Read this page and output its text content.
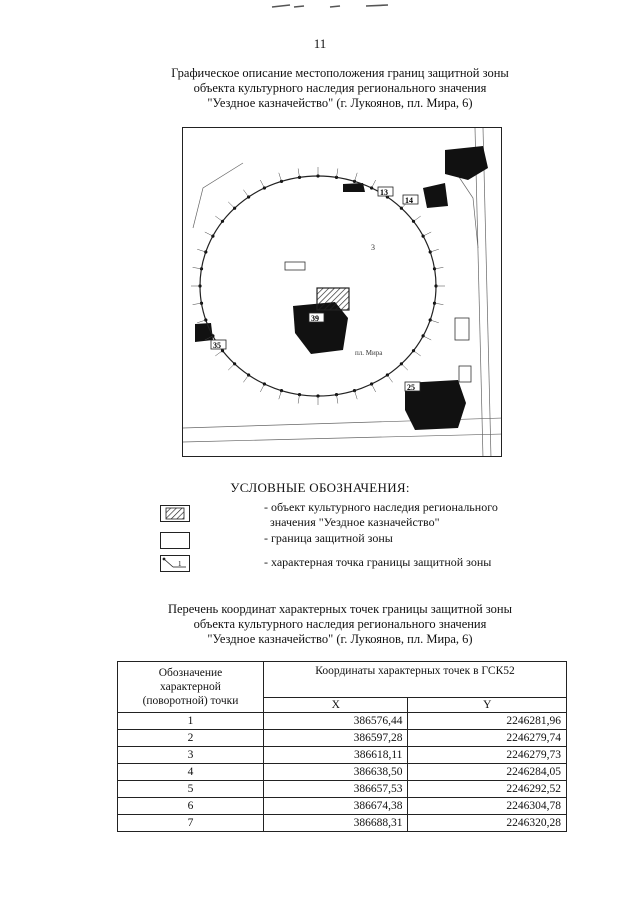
11
Графическое описание местоположения границ защитной зоны
объекта культурного наследия регионального значения
"Уездное казначейство" (г. Лукоянов, пл. Мира, 6)
13
14
25
35
39
3
пл. Мира
УСЛОВНЫЕ ОБОЗНАЧЕНИЯ:
- объект культурного наследия регионального
значения "Уездное казначейство"
- граница защитной зоны
1	- характерная точка границы защитной зоны
Перечень координат характерных точек границы защитной зоны
объекта культурного наследия регионального значения
"Уездное казначейство" (г. Лукоянов, пл. Мира, 6)
Обозначение
характерной
(поворотной) точки	Координаты характерных точек в ГСК52	
	X	Y
1	386576,44	2246281,96
2	386597,28	2246279,74
3	386618,11	2246279,73
4	386638,50	2246284,05
5	386657,53	2246292,52
6	386674,38	2246304,78
7	386688,31	2246320,28
